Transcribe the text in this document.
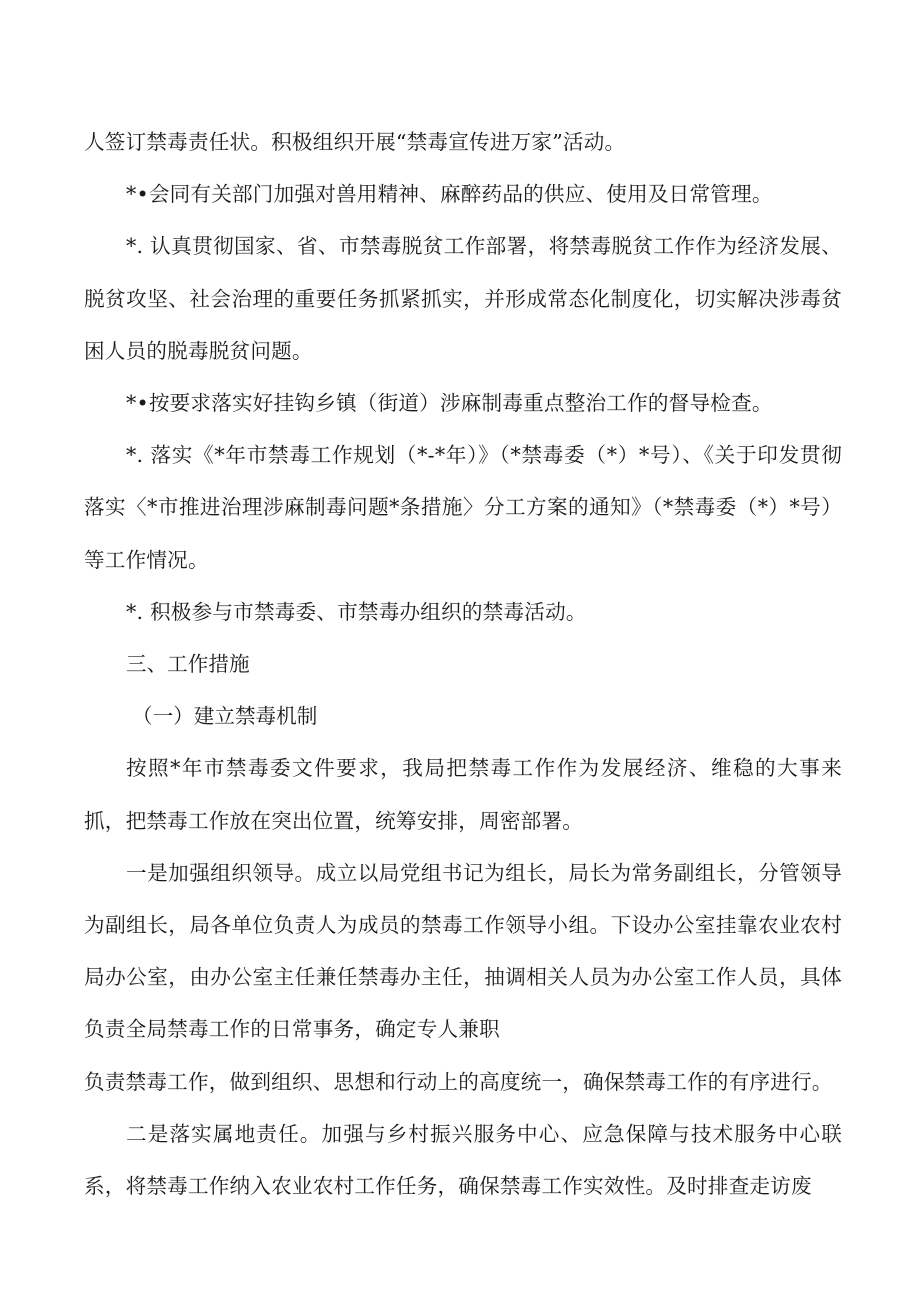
人签订禁毒责任状。积极组织开展“禁毒宣传进万家”活动。

*•会同有关部门加强对兽用精神、麻醉药品的供应、使用及日常管理。

*. 认真贯彻国家、省、市禁毒脱贫工作部署，将禁毒脱贫工作作为经济发展、脱贫攻坚、社会治理的重要任务抓紧抓实，并形成常态化制度化，切实解决涉毒贫困人员的脱毒脱贫问题。

*•按要求落实好挂钩乡镇（街道）涉麻制毒重点整治工作的督导检查。

*. 落实《*年市禁毒工作规划（*-*年）》（*禁毒委（*）*号）、《关于印发贯彻落实〈*市推进治理涉麻制毒问题*条措施〉分工方案的通知》（*禁毒委（*）*号）等工作情况。

*. 积极参与市禁毒委、市禁毒办组织的禁毒活动。

三、工作措施

（一）建立禁毒机制

按照*年市禁毒委文件要求，我局把禁毒工作作为发展经济、维稳的大事来抓，把禁毒工作放在突出位置，统筹安排，周密部署。

一是加强组织领导。成立以局党组书记为组长，局长为常务副组长，分管领导为副组长，局各单位负责人为成员的禁毒工作领导小组。下设办公室挂靠农业农村局办公室，由办公室主任兼任禁毒办主任，抽调相关人员为办公室工作人员，具体负责全局禁毒工作的日常事务，确定专人兼职

负责禁毒工作，做到组织、思想和行动上的高度统一，确保禁毒工作的有序进行。

二是落实属地责任。加强与乡村振兴服务中心、应急保障与技术服务中心联系，将禁毒工作纳入农业农村工作任务，确保禁毒工作实效性。及时排查走访废
